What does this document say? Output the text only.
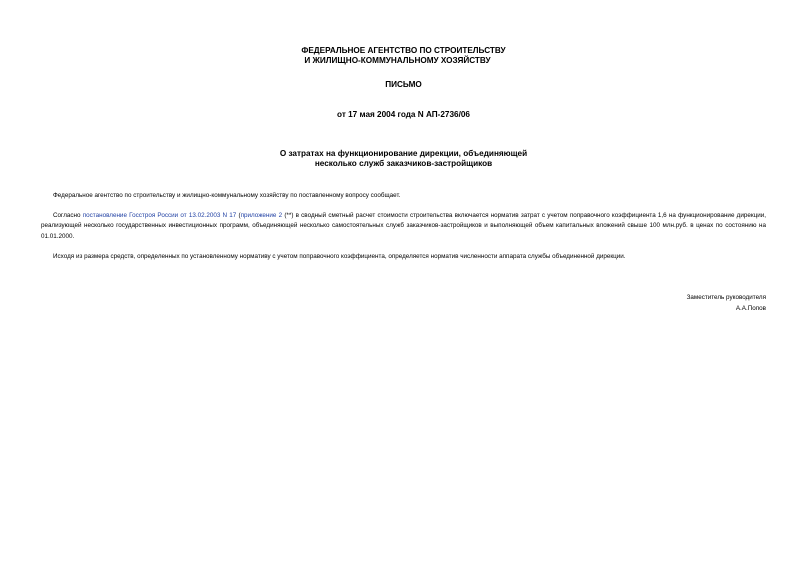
ФЕДЕРАЛЬНОЕ АГЕНТСТВО ПО СТРОИТЕЛЬСТВУ
И ЖИЛИЩНО-КОММУНАЛЬНОМУ ХОЗЯЙСТВУ
ПИСЬМО
от 17 мая 2004 года N АП-2736/06
О затратах на функционирование дирекции, объединяющей
несколько служб заказчиков-застройщиков

Федеральное агентство по строительству и жилищно-коммунальному хозяйству по поставленному вопросу сообщает.

Согласно постановление Госстроя России от 13.02.2003 N 17 (приложение 2 (**) в сводный сметный расчет стоимости строительства включается норматив затрат с учетом поправочного коэффициента 1,6 на функционирование дирекции, реализующей несколько государственных инвестиционных программ, объединяющей несколько самостоятельных служб заказчиков-застройщиков и выполняющей объем капитальных вложений свыше 100 млн.руб. в ценах по состоянию на 01.01.2000.

Исходя из размера средств, определенных по установленному нормативу с учетом поправочного коэффициента, определяется норматив численности аппарата службы объединенной дирекции.

Заместитель руководителя
А.А.Попов
